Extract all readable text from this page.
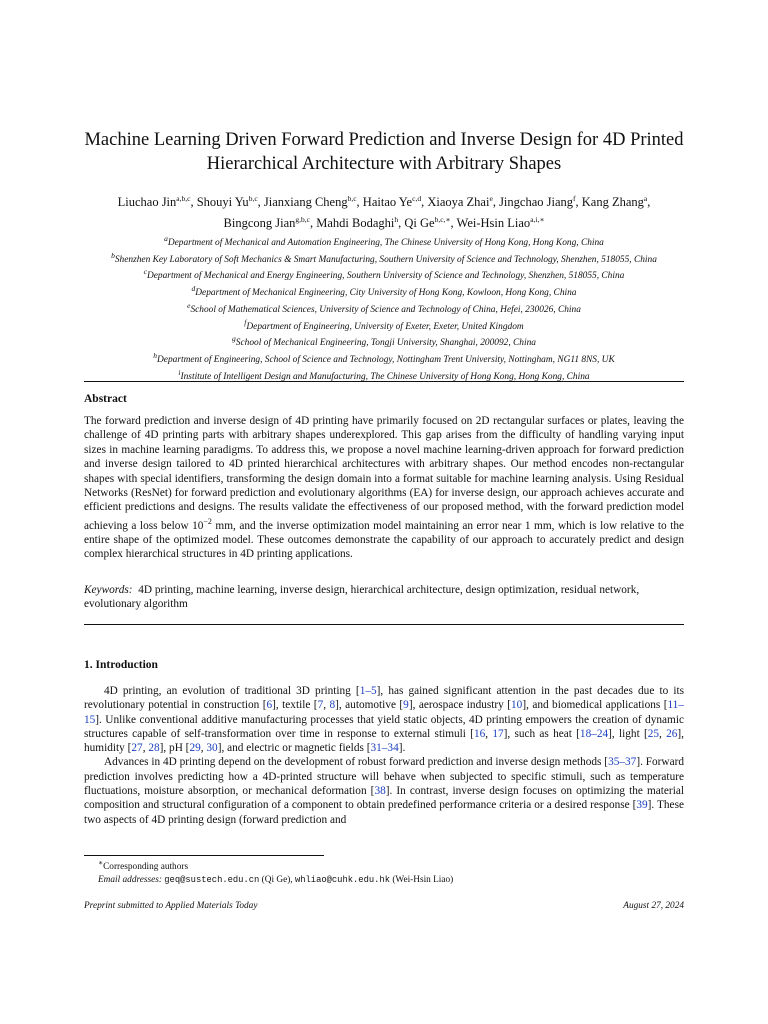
Machine Learning Driven Forward Prediction and Inverse Design for 4D Printed Hierarchical Architecture with Arbitrary Shapes
Liuchao Jin$^{a,b,c}$, Shouyi Yu$^{b,c}$, Jianxiang Cheng$^{b,c}$, Haitao Ye$^{c,d}$, Xiaoya Zhai$^e$, Jingchao Jiang$^f$, Kang Zhang$^a$,
Bingcong Jian$^{g,b,c}$, Mahdi Bodaghi$^h$, Qi $Ge^{b,c,∗}$, Wei-Hsin Liao$^{a,i,∗}$
$^a$Department of Mechanical and Automation Engineering, The Chinese University of Hong Kong, Hong Kong, China
$^b$Shenzhen Key Laboratory of Soft Mechanics & Smart Manufacturing, Southern University of Science and Technology, Shenzhen, 518055, China
$^c$Department of Mechanical and Energy Engineering, Southern University of Science and Technology, Shenzhen, 518055, China
$^d$Department of Mechanical Engineering, City University of Hong Kong, Kowloon, Hong Kong, China
$^e$School of Mathematical Sciences, University of Science and Technology of China, Hefei, 230026, China
$^f$Department of Engineering, University of Exeter, Exeter, United Kingdom
$^g$School of Mechanical Engineering, Tongji University, Shanghai, 200092, China
$^h$Department of Engineering, School of Science and Technology, Nottingham Trent University, Nottingham, NG11 8NS, UK
$^i$Institute of Intelligent Design and Manufacturing, The Chinese University of Hong Kong, Hong Kong, China
Abstract
The forward prediction and inverse design of 4D printing have primarily focused on 2D rectangular surfaces or plates, leaving the challenge of 4D printing parts with arbitrary shapes underexplored. This gap arises from the difficulty of handling varying input sizes in machine learning paradigms. To address this, we propose a novel machine learning-driven approach for forward prediction and inverse design tailored to 4D printed hierarchical architectures with arbitrary shapes. Our method encodes non-rectangular shapes with special identifiers, transforming the design domain into a format suitable for machine learning analysis. Using Residual Networks (ResNet) for forward prediction and evolutionary algorithms (EA) for inverse design, our approach achieves accurate and efficient predictions and designs. The results validate the effectiveness of our proposed method, with the forward prediction model achieving a loss below $10^{-2}$ mm, and the inverse optimization model maintaining an error near 1 mm, which is low relative to the entire shape of the optimized model. These outcomes demonstrate the capability of our approach to accurately predict and design complex hierarchical structures in 4D printing applications.
Keywords: 4D printing, machine learning, inverse design, hierarchical architecture, design optimization, residual network, evolutionary algorithm
1. Introduction

4D printing, an evolution of traditional 3D printing [1–5], has gained significant attention in the past decades due to its revolutionary potential in construction [6], textile [7, 8], automotive [9], aerospace industry [10], and biomedical applications [11–15]. Unlike conventional additive manufacturing processes that yield static objects, 4D printing empowers the creation of dynamic structures capable of self-transformation over time in response to external stimuli [16, 17], such as heat [18–24], light [25, 26], humidity [27, 28], pH [29, 30], and electric or magnetic fields [31–34].

Advances in 4D printing depend on the development of robust forward prediction and inverse design methods [35–37]. Forward prediction involves predicting how a 4D-printed structure will behave when subjected to specific stimuli, such as temperature fluctuations, moisture absorption, or mechanical deformation [38]. In contrast, inverse design focuses on optimizing the material composition and structural configuration of a component to obtain predefined performance criteria or a desired response [39]. These two aspects of 4D printing design (forward prediction and

∗Corresponding authors
Email addresses: geq@sustech.edu.cn (Qi Ge), whliao@cuhk.edu.hk (Wei-Hsin Liao)
Preprint submitted to Applied Materials Today	August 27, 2024
